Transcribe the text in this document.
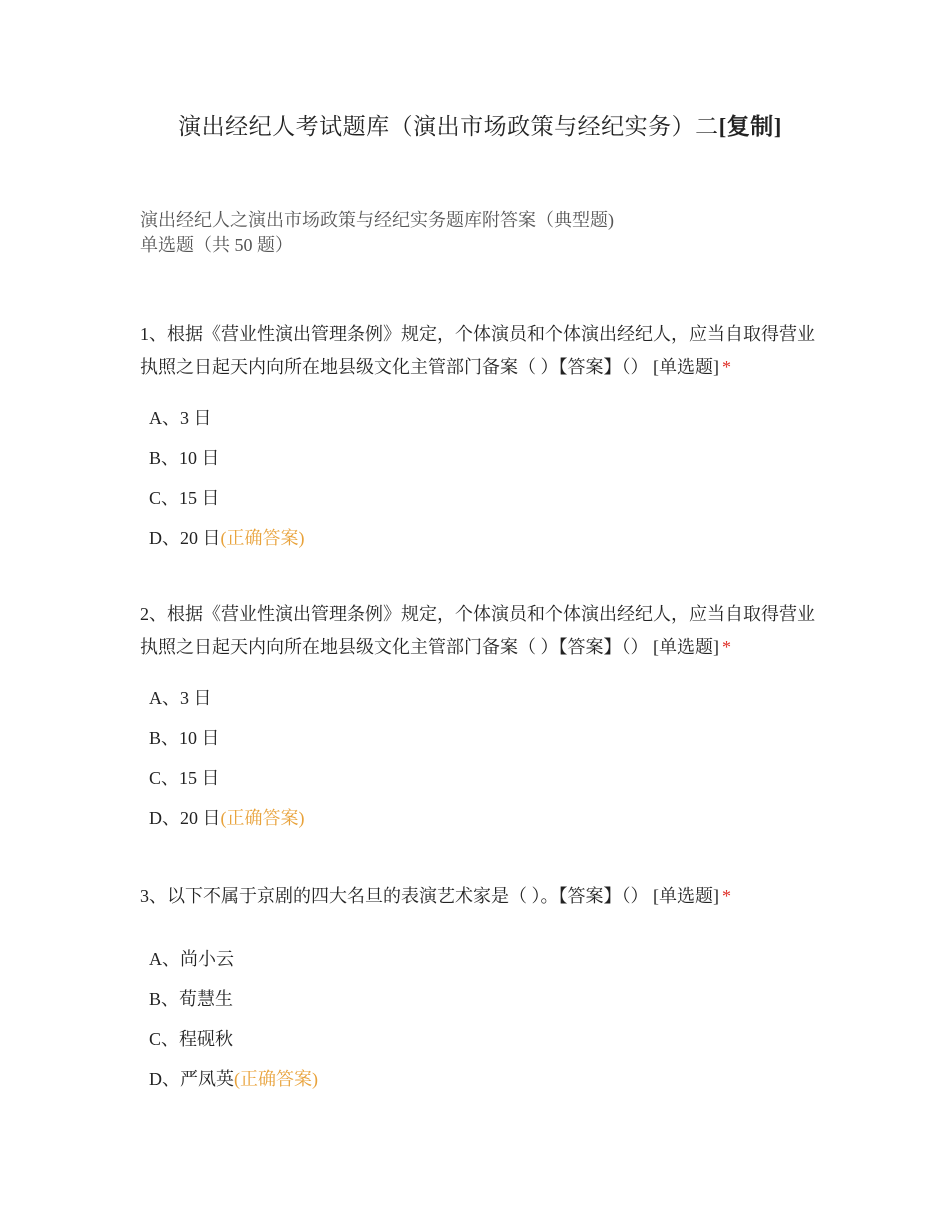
演出经纪人考试题库（演出市场政策与经纪实务）二[复制]
演出经纪人之演出市场政策与经纪实务题库附答案（典型题)
单选题（共 50 题）

1、根据《营业性演出管理条例》规定，个体演员和个体演出经纪人，应当自取得营业执照之日起天内向所在地县级文化主管部门备案（ ）【答案】（） [单选题] *

A、3 日
B、10 日
C、15 日
D、20 日(正确答案)

2、根据《营业性演出管理条例》规定，个体演员和个体演出经纪人，应当自取得营业执照之日起天内向所在地县级文化主管部门备案（ ）【答案】（） [单选题] *

A、3 日
B、10 日
C、15 日
D、20 日(正确答案)

3、以下不属于京剧的四大名旦的表演艺术家是（ ）。【答案】（） [单选题] *

A、尚小云
B、荀慧生
C、程砚秋
D、严凤英(正确答案)
